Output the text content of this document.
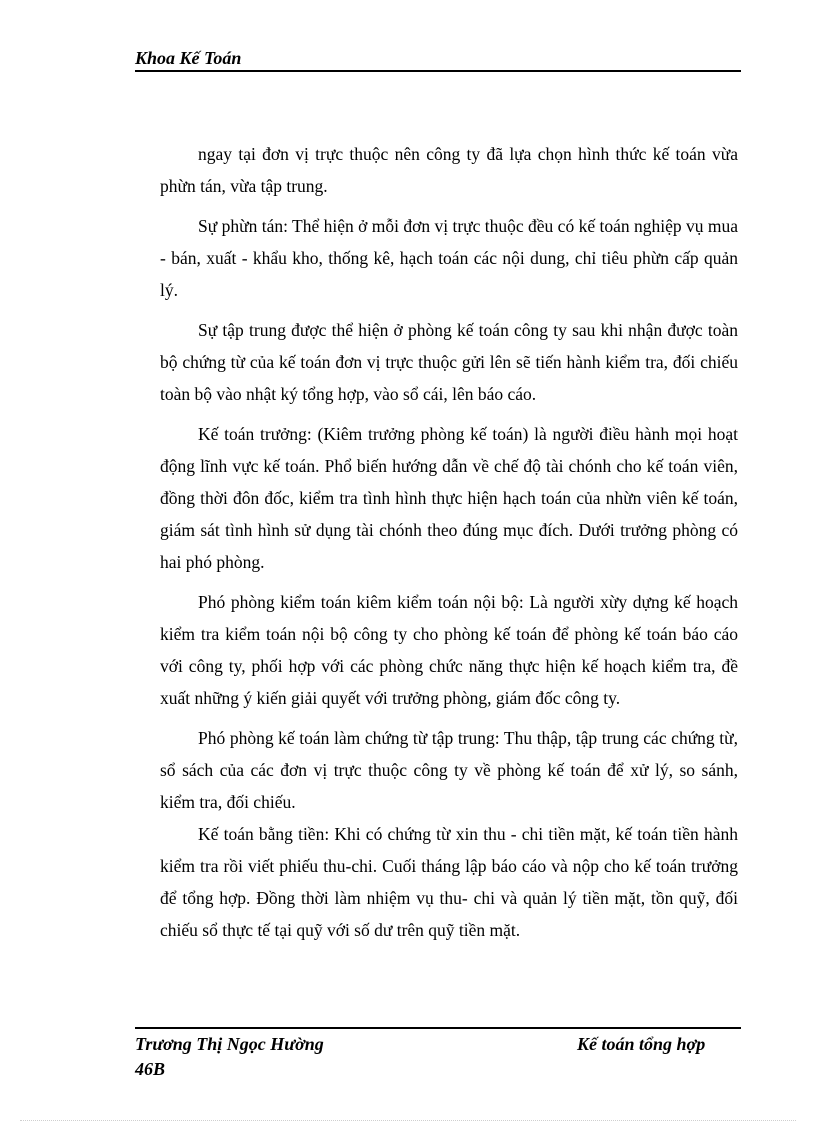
Khoa Kế Toán

ngay tại đơn vị trực thuộc nên công ty đã lựa chọn hình thức kế toán vừa phừn tán, vừa tập trung.

Sự phừn tán: Thể hiện ở mỗi đơn vị trực thuộc đều có kế toán nghiệp vụ mua - bán, xuất - khẩu kho, thống kê, hạch toán các nội dung, chỉ tiêu phừn cấp quản lý.

Sự tập trung được thể hiện ở phòng kế toán công ty sau khi nhận được toàn bộ chứng từ của kế toán đơn vị trực thuộc gửi lên sẽ tiến hành kiểm tra, đối chiếu toàn bộ vào nhật ký tổng hợp, vào sổ cái, lên báo cáo.

Kế toán trưởng: (Kiêm trưởng phòng kế toán) là người điều hành mọi hoạt động lĩnh vực kế toán. Phổ biến hướng dẫn về chế độ tài chónh cho kế toán viên, đồng thời đôn đốc, kiểm tra tình hình thực hiện hạch toán của nhừn viên kế toán, giám sát tình hình sử dụng tài chónh theo đúng mục đích. Dưới trưởng phòng có hai phó phòng.

Phó phòng kiểm toán kiêm kiểm toán nội bộ: Là người xừy dựng kế hoạch kiểm tra kiểm toán nội bộ công ty cho phòng kế toán để phòng kế toán báo cáo với công ty, phối hợp với các phòng chức năng thực hiện kế hoạch kiểm tra, đề xuất những ý kiến giải quyết với trưởng phòng, giám đốc công ty.

Phó phòng kế toán làm chứng từ tập trung: Thu thập, tập trung các chứng từ, sổ sách của các đơn vị trực thuộc công ty về phòng kế toán để xử lý, so sánh, kiểm tra, đối chiếu.

Kế toán bằng tiền: Khi có chứng từ xin thu - chi tiền mặt, kế toán tiền hành kiểm tra rồi viết phiếu thu-chi. Cuối tháng lập báo cáo và nộp cho kế toán trưởng để tổng hợp. Đồng thời làm nhiệm vụ thu- chi và quản lý tiền mặt, tồn quỹ, đối chiếu sổ thực tế tại quỹ với số dư trên quỹ tiền mặt.

Trương Thị Ngọc Hường
46B
Kế toán tổng hợp
